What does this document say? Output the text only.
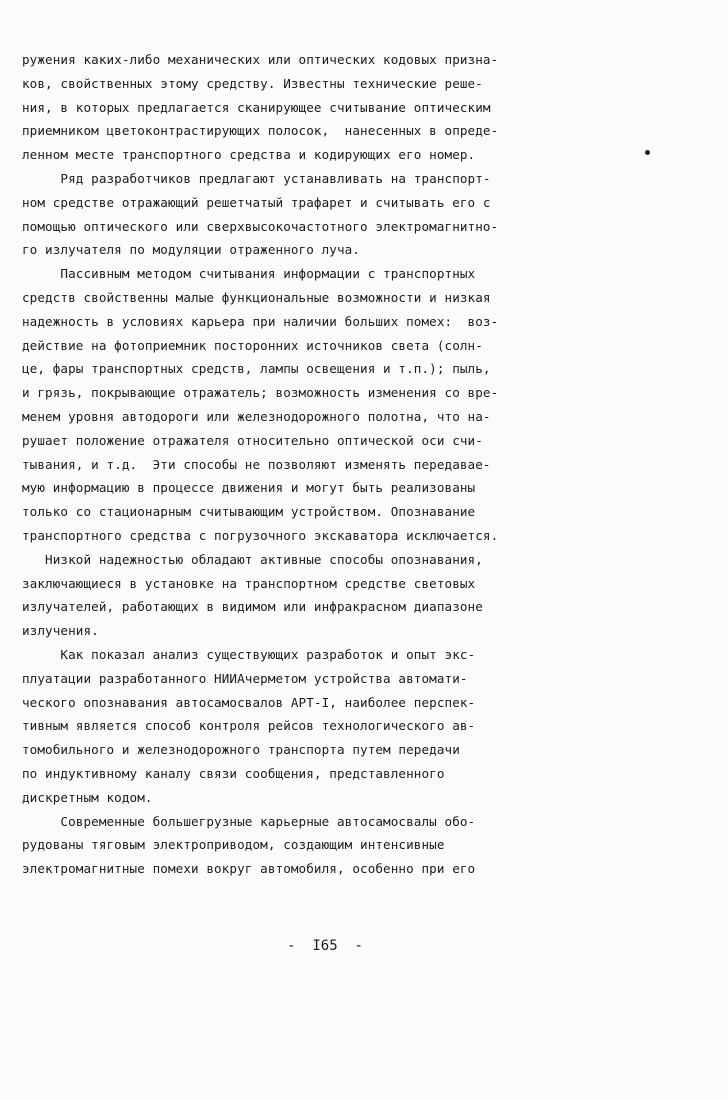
ружения каких-либо механических или оптических кодовых призна-
ков, свойственных этому средству. Известны технические реше-
ния, в которых предлагается сканирующее считывание оптическим
приемником цветоконтрастирующих полосок,  нанесенных в опреде-
ленном месте транспортного средства и кодирующих его номер.
Ряд разработчиков предлагают устанавливать на транспорт-
ном средстве отражающий решетчатый трафарет и считывать его с
помощью оптического или сверхвысокочастотного электромагнитно-
го излучателя по модуляции отраженного луча.
Пассивным методом считывания информации с транспортных
средств свойственны малые функциональные возможности и низкая
надежность в условиях карьера при наличии больших помех:  воз-
действие на фотоприемник посторонних источников света (солн-
це, фары транспортных средств, лампы освещения и т.п.); пыль,
и грязь, покрывающие отражатель; возможность изменения со вре-
менем уровня автодороги или железнодорожного полотна, что на-
рушает положение отражателя относительно оптической оси счи-
тывания, и т.д.  Эти способы не позволяют изменять передавае-
мую информацию в процессе движения и могут быть реализованы
только со стационарным считывающим устройством. Опознавание
транспортного средства с погрузочного экскаватора исключается.
Низкой надежностью обладают активные способы опознавания,
заключающиеся в установке на транспортном средстве световых
излучателей, работающих в видимом или инфракрасном диапазоне
излучения.
Как показал анализ существующих разработок и опыт экс-
плуатации разработанного НИИАчерметом устройства автомати-
ческого опознавания автосамосвалов АРТ-I, наиболее перспек-
тивным является способ контроля рейсов технологического ав-
томобильного и железнодорожного транспорта путем передачи
по индуктивному каналу связи сообщения, представленного
дискретным кодом.
Современные большегрузные карьерные автосамосвалы обо-
рудованы тяговым электроприводом, создающим интенсивные
электромагнитные помехи вокруг автомобиля, особенно при его
-  I65  -
